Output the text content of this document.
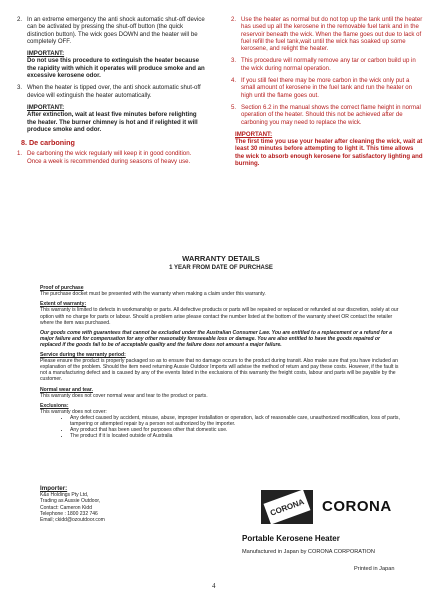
2. In an extreme emergency the anti shock automatic shut-off device can be activated by pressing the shut-off button (the quick distinction button). The wick goes DOWN and the heater will be completely OFF.
IMPORTANT:
Do not use this procedure to extinguish the heater because the rapidity with which it operates will produce smoke and an excessive kerosene odor.
3. When the heater is tipped over, the anti shock automatic shut-off device will extinguish the heater automatically.
IMPORTANT:
After extinction, wait at least five minutes before relighting the heater. The burner chimney is hot and if relighted it will produce smoke and odor.
8. De carboning
1. De carboning the wick regularly will keep it in good condition. Once a week is recommended during seasons of heavy use.
2. Use the heater as normal but do not top up the tank until the heater has used up all the kerosene in the removable fuel tank and in the reservoir beneath the wick. When the flame goes out due to lack of fuel refill the fuel tank,wait until the wick has soaked up some kerosene, and relight the heater.
3. This procedure will normally remove any tar or carbon build up in the wick during normal operation.
4. If you still feel there may be more carbon in the wick only put a small amount of kerosene in the fuel tank and run the heater on high until the flame goes out.
5. Section 6.2 in the manual shows the correct flame height in normal operation of the heater. Should this not be achieved after de carboning you may need to replace the wick.
IMPORTANT:
The first time you use your heater after cleaning the wick, wait at least 30 minutes before attempting to light it. This time allows the wick to absorb enough kerosene for satisfactory lighting and burning.
WARRANTY DETAILS
1 YEAR FROM DATE OF PURCHASE
Proof of purchase
The purchase docket must be presented with the warranty when making a claim under this warranty.
Extent of warranty:
This warranty is limited to defects in workmanship or parts. All defective products or parts will be repaired or replaced or refunded at our discretion, solely at our option with no charge for parts or labour. Should a problem arise please contact the number listed at the bottom of the warranty sheet OR contact the retailer where the item was purchased.
Our goods come with guarantees that cannot be excluded under the Australian Consumer Law. You are entitled to a replacement or a refund for a major failure and for compensation for any other reasonably foreseeable loss or damage. You are also entitled to have the goods repaired or replaced if the goods fail to be of acceptable quality and the failure does not amount a major failure.
Service during the warranty period:
Please ensure the product is properly packaged so as to ensure that no damage occurs to the product during transit. Also make sure that you have included an explanation of the problem. Should the item need returning Aussie Outdoor Imports will advise the method of return and pay these costs. However, if the fault is not a manufacturing defect and is caused by any of the events listed in the exclusions of this warranty the freight costs, labour and parts will be payable by the customer.
Normal wear and tear.
This warranty does not cover normal wear and tear to the product or parts.
Exclusions:
This warranty does not cover:
• Any defect caused by accident, misuse, abuse, improper installation or operation, lack of reasonable care, unauthorized modification, loss of parts, tampering or attempted repair by a person not authorized by the importer.
• Any product that has been used for purposes other that domestic use.
• The product if it is located outside of Australia
Importer:
K&s Holdings Pty Ltd,
Trading as Aussie Outdoor,
Contact: Cameron Kidd
Telephone : 1800 232 746
Email; ckidd@ozoutdoor.com
CORONA CORONA
Portable Kerosene Heater
Manufactured in Japan by CORONA CORPORATION
Printed in Japan
4
